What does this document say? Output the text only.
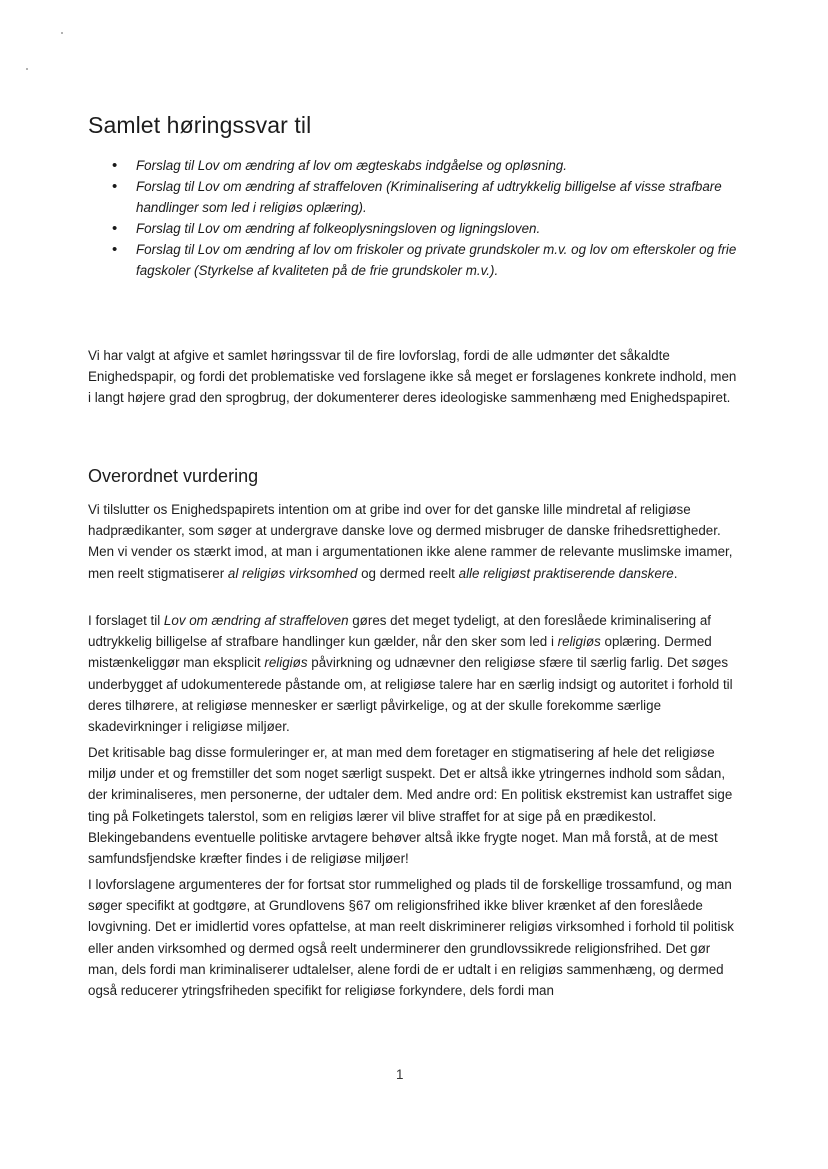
Samlet høringssvar til
• Forslag til Lov om ændring af lov om ægteskabs indgåelse og opløsning.
• Forslag til Lov om ændring af straffeloven (Kriminalisering af udtrykkelig billigelse af visse strafbare handlinger som led i religiøs oplæring).
• Forslag til Lov om ændring af folkeoplysningsloven og ligningsloven.
• Forslag til Lov om ændring af lov om friskoler og private grundskoler m.v. og lov om efterskoler og frie fagskoler (Styrkelse af kvaliteten på de frie grundskoler m.v.).

Vi har valgt at afgive et samlet høringssvar til de fire lovforslag, fordi de alle udmønter det såkaldte Enighedspapir, og fordi det problematiske ved forslagene ikke så meget er forslagenes konkrete indhold, men i langt højere grad den sprogbrug, der dokumenterer deres ideologiske sammenhæng med Enighedspapiret.

Overordnet vurdering

Vi tilslutter os Enighedspapirets intention om at gribe ind over for det ganske lille mindretal af religiøse hadprædikanter, som søger at undergrave danske love og dermed misbruger de danske frihedsrettigheder. Men vi vender os stærkt imod, at man i argumentationen ikke alene rammer de relevante muslimske imamer, men reelt stigmatiserer al religiøs virksomhed og dermed reelt alle religiøst praktiserende danskere.

I forslaget til Lov om ændring af straffeloven gøres det meget tydeligt, at den foreslåede kriminalisering af udtrykkelig billigelse af strafbare handlinger kun gælder, når den sker som led i religiøs oplæring. Dermed mistænkeliggør man eksplicit religiøs påvirkning og udnævner den religiøse sfære til særlig farlig. Det søges underbygget af udokumenterede påstande om, at religiøse talere har en særlig indsigt og autoritet i forhold til deres tilhørere, at religiøse mennesker er særligt påvirkelige, og at der skulle forekomme særlige skadevirkninger i religiøse miljøer.

Det kritisable bag disse formuleringer er, at man med dem foretager en stigmatisering af hele det religiøse miljø under et og fremstiller det som noget særligt suspekt. Det er altså ikke ytringernes indhold som sådan, der kriminaliseres, men personerne, der udtaler dem. Med andre ord: En politisk ekstremist kan ustraffet sige ting på Folketingets talerstol, som en religiøs lærer vil blive straffet for at sige på en prædikestol. Blekingebandens eventuelle politiske arvtagere behøver altså ikke frygte noget. Man må forstå, at de mest samfundsfjendske kræfter findes i de religiøse miljøer!

I lovforslagene argumenteres der for fortsat stor rummelighed og plads til de forskellige trossamfund, og man søger specifikt at godtgøre, at Grundlovens §67 om religionsfrihed ikke bliver krænket af den foreslåede lovgivning. Det er imidlertid vores opfattelse, at man reelt diskriminerer religiøs virksomhed i forhold til politisk eller anden virksomhed og dermed også reelt underminerer den grundlovssikrede religionsfrihed. Det gør man, dels fordi man kriminaliserer udtalelser, alene fordi de er udtalt i en religiøs sammenhæng, og dermed også reducerer ytringsfriheden specifikt for religiøse forkyndere, dels fordi man

1
